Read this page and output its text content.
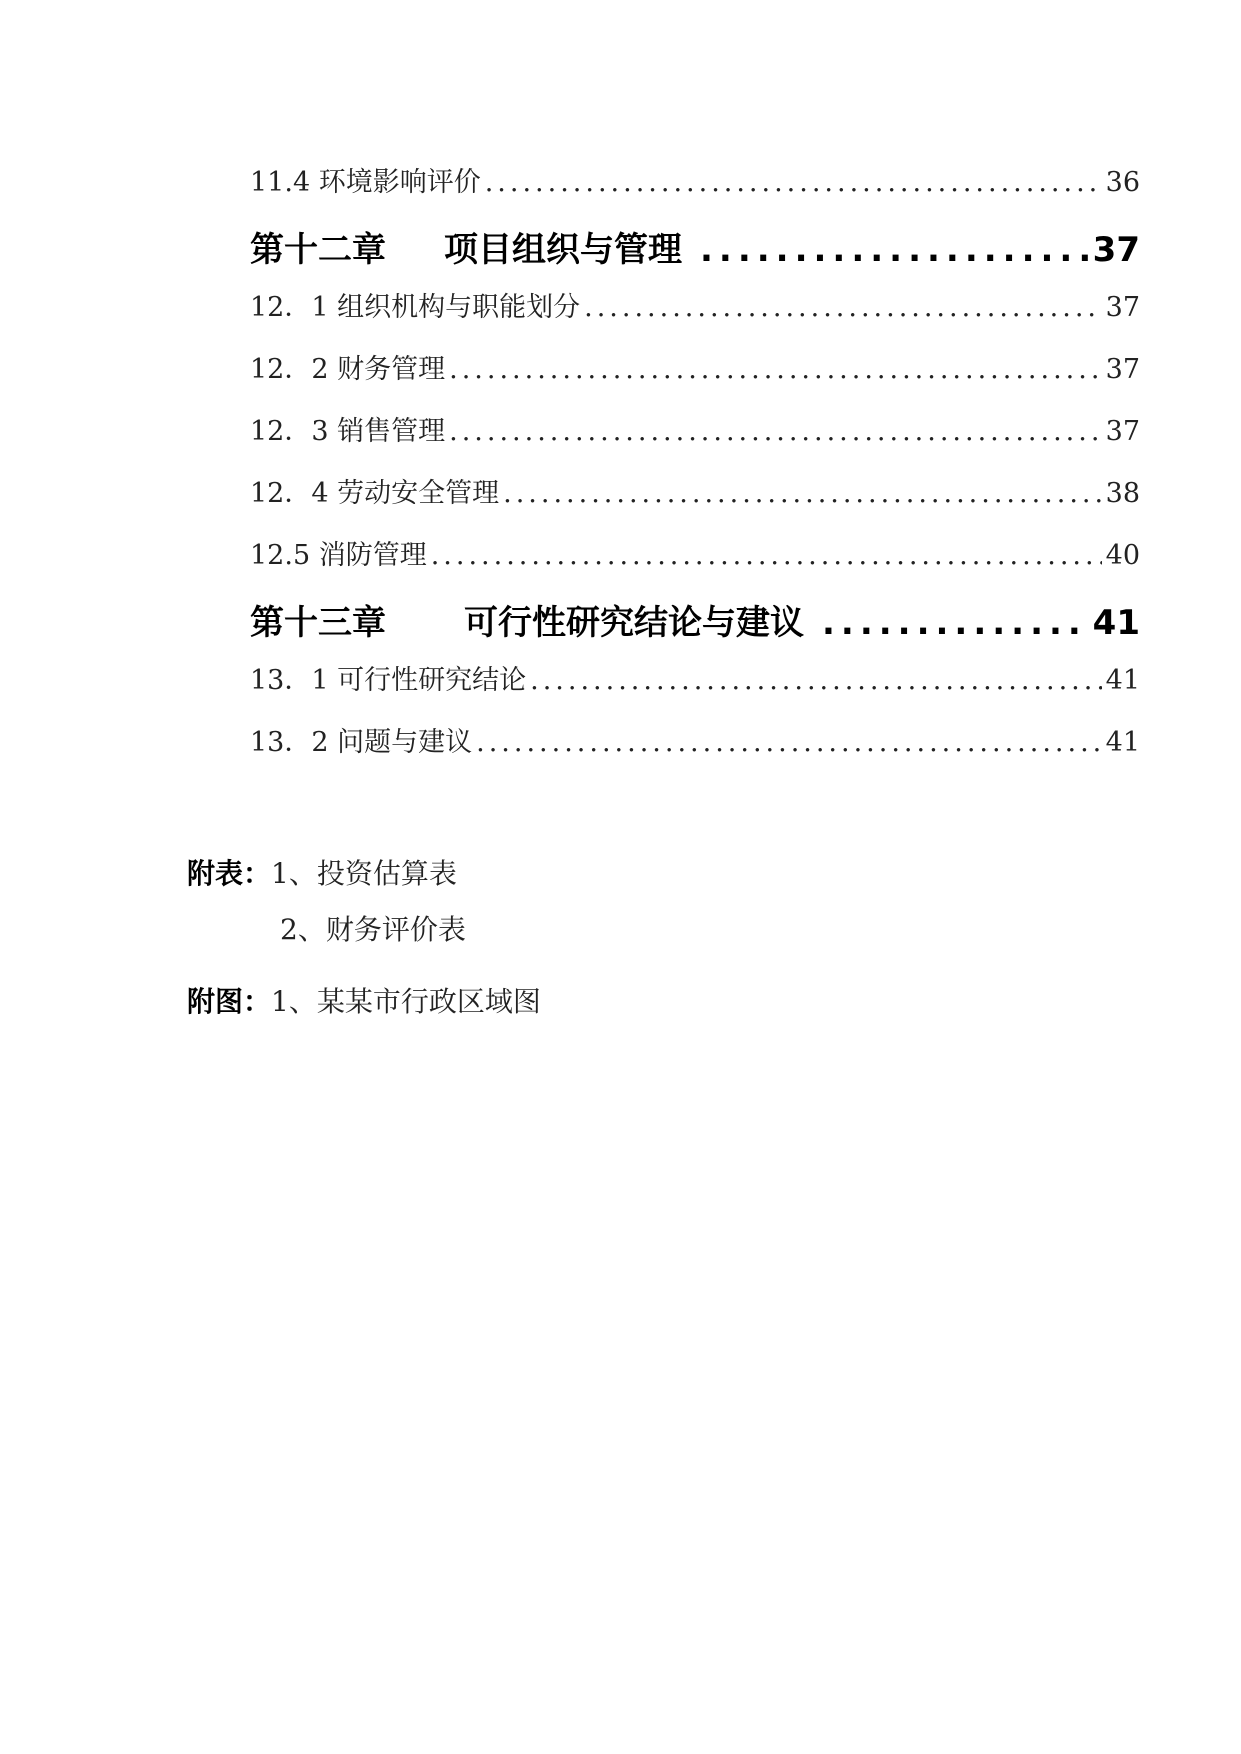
11.4 环境影响评价 .....	36
第十二章 项目组织与管理 .....	37
12．1 组织机构与职能划分 .....	37
12．2 财务管理 .....	37
12．3 销售管理 .....	37
12．4 劳动安全管理 .....	38
12.5 消防管理 .....	40
第十三章 可行性研究结论与建议 .....	41
13．1 可行性研究结论 .....	41
13．2 问题与建议 .....	41
附表：1、投资估算表
2、财务评价表
附图：1、某某市行政区域图
